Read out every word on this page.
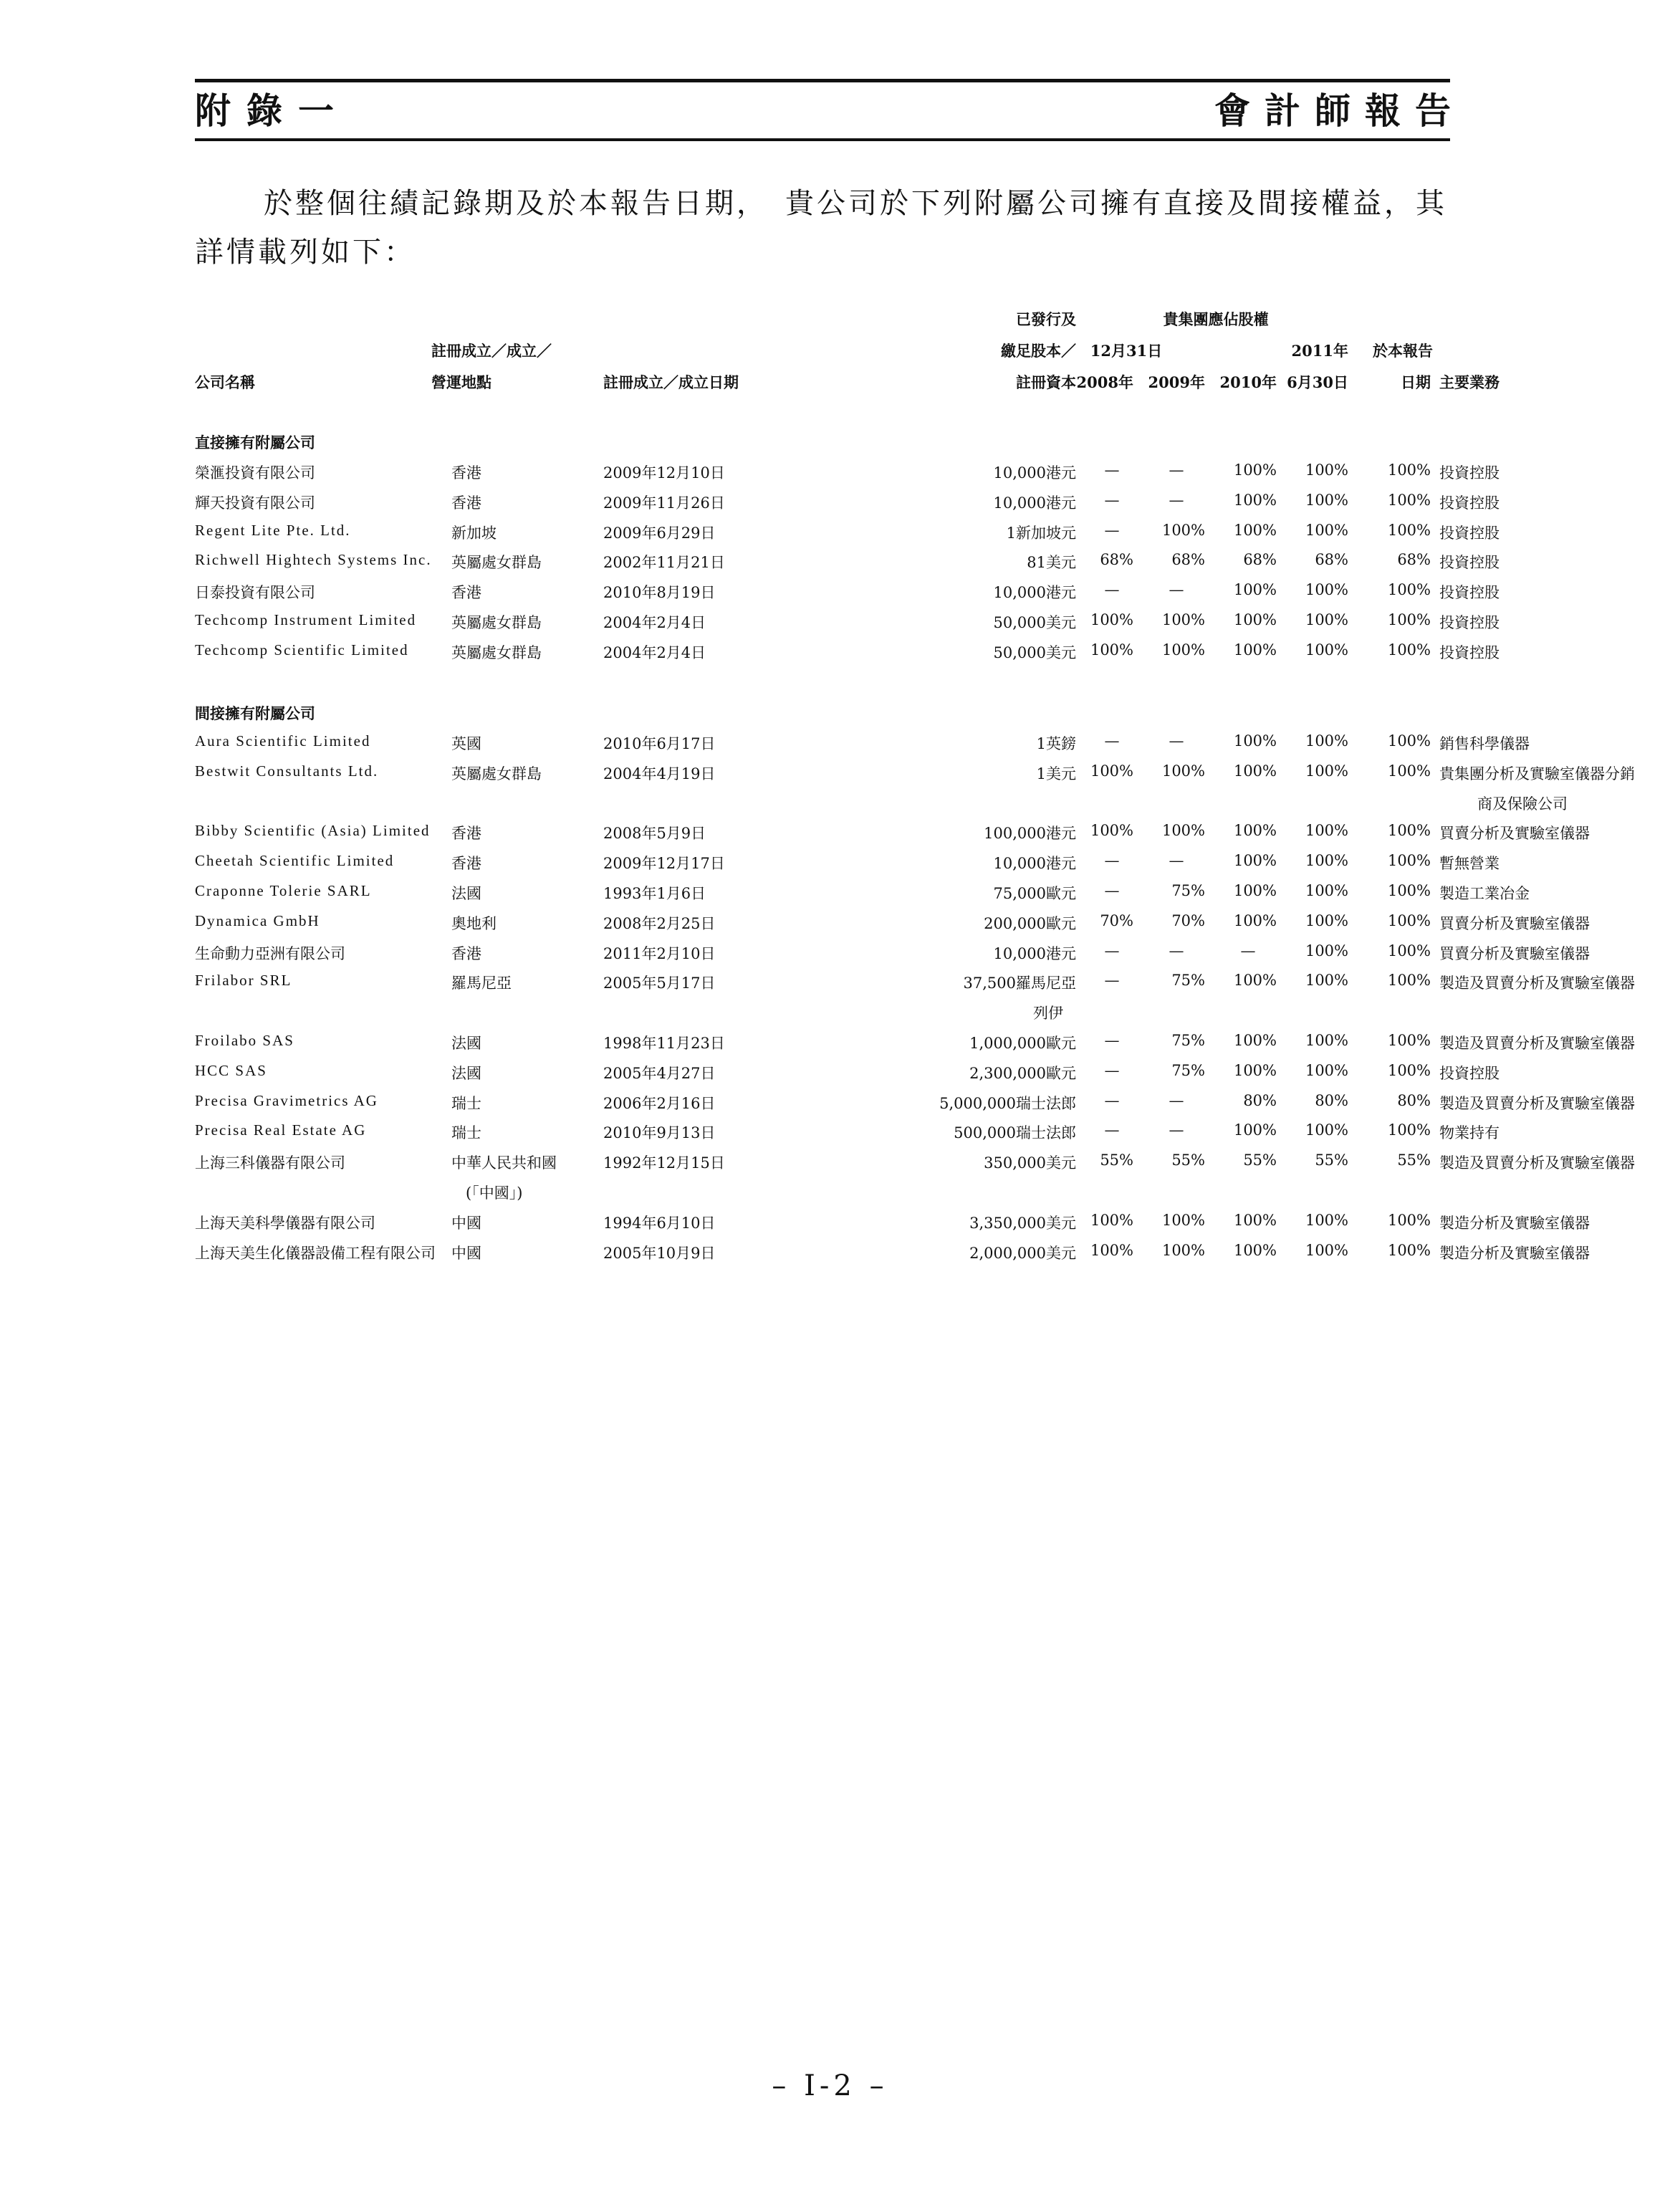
附錄一	會計師報告
於整個往績記錄期及於本報告日期，　貴公司於下列附屬公司擁有直接及間接權益，其詳情載列如下：
已發行及	貴集團應佔股權
註冊成立／成立／	繳足股本／ 12月31日	2011年 於本報告
公司名稱	營運地點	註冊成立／成立日期	註冊資本 2008年 2009年 2010年 6月30日	日期 主要業務
直接擁有附屬公司
間接擁有附屬公司
榮滙投資有限公司	香港	2009年12月10日	10,000港元	—	—	100%	100%	100% 投資控股
輝天投資有限公司	香港	2009年11月26日	10,000港元	—	—	100%	100%	100% 投資控股
Regent Lite Pte. Ltd.	新加坡	2009年6月29日	1新加坡元	—	100%	100%	100%	100% 投資控股
Richwell Hightech Systems Inc. 英屬處女群島	2002年11月21日	81美元	68%	68%	68%	68%	68% 投資控股
日泰投資有限公司	香港	2010年8月19日	10,000港元	—	—	100%	100%	100% 投資控股
Techcomp Instrument Limited	英屬處女群島	2004年2月4日	50,000美元 100%	100%	100%	100%	100% 投資控股
Techcomp Scientific Limited	英屬處女群島	2004年2月4日	50,000美元 100%	100%	100%	100%	100% 投資控股
Aura Scientific Limited	英國	2010年6月17日	1英鎊	—	—	100%	100%	100% 銷售科學儀器
Bestwit Consultants Ltd.	英屬處女群島	2004年4月19日	1美元 100%	100%	100%	100%	100% 貴集團分析及實驗室儀器分銷
商及保險公司
Bibby Scientific (Asia) Limited 香港	2008年5月9日	100,000港元 100%	100%	100%	100%	100% 買賣分析及實驗室儀器
Cheetah Scientific Limited	香港	2009年12月17日	10,000港元	—	—	100%	100%	100% 暫無營業
Craponne Tolerie SARL	法國	1993年1月6日	75,000歐元	—	75%	100%	100%	100% 製造工業冶金
Dynamica GmbH	奧地利	2008年2月25日	200,000歐元	70%	70%	100%	100%	100% 買賣分析及實驗室儀器
生命動力亞洲有限公司	香港	2011年2月10日	10,000港元	—	—	—	100%	100% 買賣分析及實驗室儀器
Frilabor SRL	羅馬尼亞	2005年5月17日	37,500羅馬尼亞	—	75%	100%	100%	100% 製造及買賣分析及實驗室儀器
列伊
Froilabo SAS	法國	1998年11月23日	1,000,000歐元	—	75%	100%	100%	100% 製造及買賣分析及實驗室儀器
HCC SAS	法國	2005年4月27日	2,300,000歐元	—	75%	100%	100%	100% 投資控股
Precisa Gravimetrics AG	瑞士	2006年2月16日	5,000,000瑞士法郎	—	—	80%	80%	80% 製造及買賣分析及實驗室儀器
Precisa Real Estate AG	瑞士	2010年9月13日	500,000瑞士法郎	—	—	100%	100%	100% 物業持有
上海三科儀器有限公司	中華人民共和國	1992年12月15日	350,000美元	55%	55%	55%	55%	55% 製造及買賣分析及實驗室儀器
(「中國」)
上海天美科學儀器有限公司	中國	1994年6月10日	3,350,000美元 100%	100%	100%	100%	100% 製造分析及實驗室儀器
上海天美生化儀器設備工程有限公司 中國	2005年10月9日	2,000,000美元 100%	100%	100%	100%	100% 製造分析及實驗室儀器
– I-2 –
